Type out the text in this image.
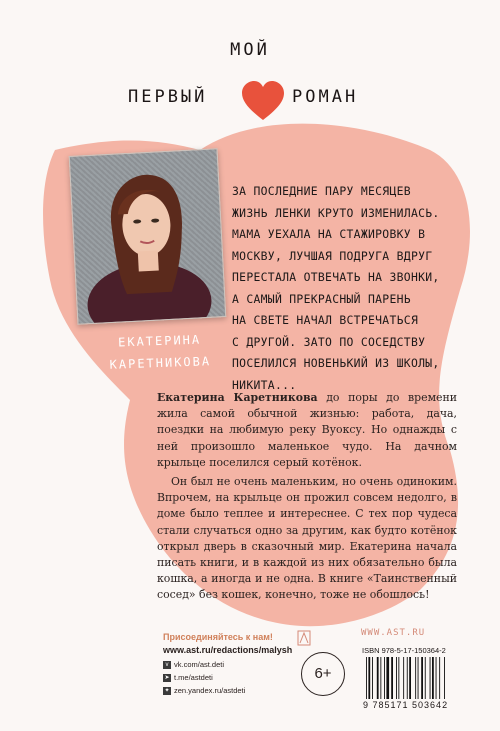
МОЙ
ПЕРВЫЙ	РОМАН
ЕКАТЕРИНА
КАРЕТНИКОВА
ЗА ПОСЛЕДНИЕ ПАРУ МЕСЯЦЕВ
ЖИЗНЬ ЛЕНКИ КРУТО ИЗМЕНИЛАСЬ.
МАМА УЕХАЛА НА СТАЖИРОВКУ В
МОСКВУ, ЛУЧШАЯ ПОДРУГА ВДРУГ
ПЕРЕСТАЛА ОТВЕЧАТЬ НА ЗВОНКИ,
А САМЫЙ ПРЕКРАСНЫЙ ПАРЕНЬ
НА СВЕТЕ НАЧАЛ ВСТРЕЧАТЬСЯ
С ДРУГОЙ. ЗАТО ПО СОСЕДСТВУ
ПОСЕЛИЛСЯ НОВЕНЬКИЙ ИЗ ШКОЛЫ,
НИКИТА...
Екатерина Каретникова до поры до времени жила самой обычной жизнью: работа, дача, поездки на любимую реку Вуоксу. Но однажды с ней произошло маленькое чудо. На дачном крыльце поселился серый котёнок.
Он был не очень маленьким, но очень одиноким. Впрочем, на крыльце он прожил совсем недолго, в доме было теплее и интереснее. С тех пор чудеса стали случаться одно за другим, как будто котёнок открыл дверь в сказочный мир. Екатерина начала писать книги, и в каждой из них обязательно была кошка, а иногда и не одна. В книге «Таинственный сосед» без кошек, конечно, тоже не обошлось!
Присоединяйтесь к нам!
www.ast.ru/redactions/malysh
v vk.com/ast.deti
➤ t.me/astdeti
✦ zen.yandex.ru/astdeti
6+
WWW.AST.RU
ISBN 978-5-17-150364-2
9 785171 503642
